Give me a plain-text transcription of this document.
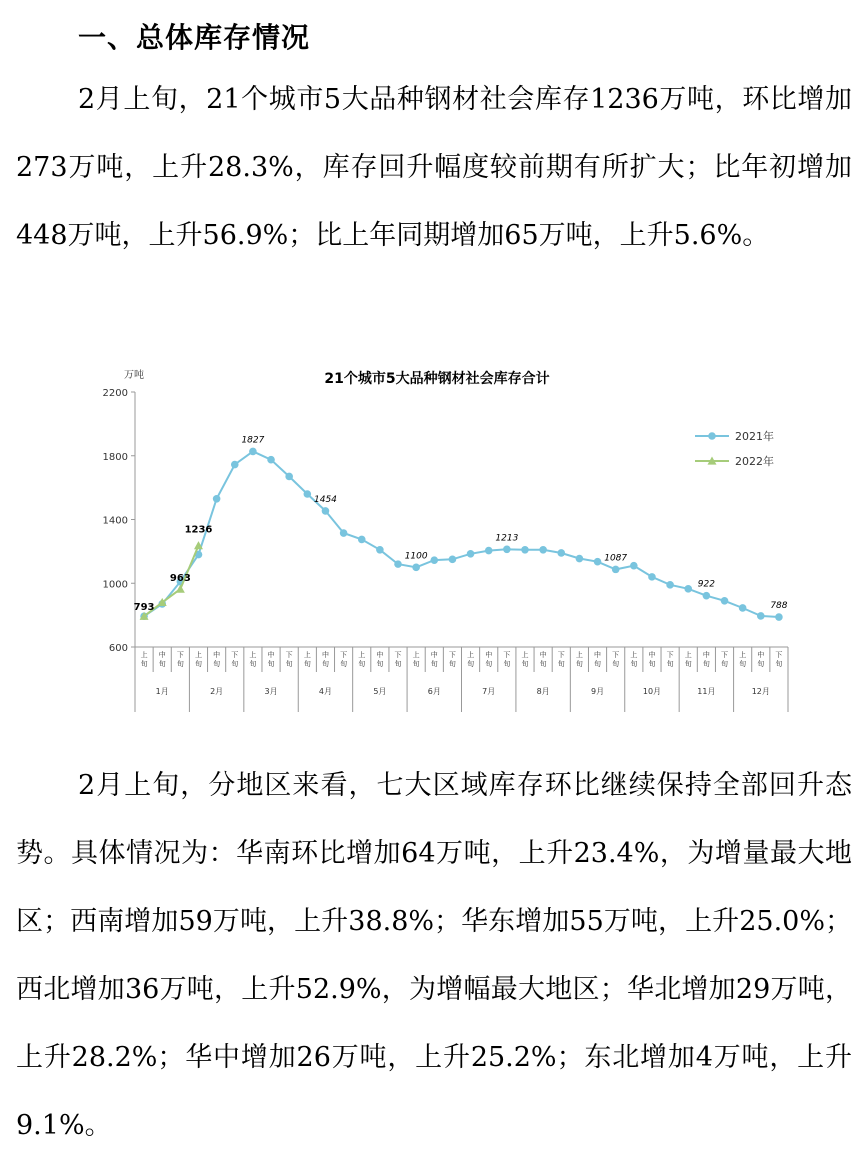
一、总体库存情况

2月上旬，21个城市5大品种钢材社会库存1236万吨，环比增加273万吨，上升28.3%，库存回升幅度较前期有所扩大；比年初增加448万吨，上升56.9%；比上年同期增加65万吨，上升5.6%。

21个城市5大品种钢材社会库存合计
万吨
600
1000
1400
1800
2200
上旬
中旬
下旬
上旬
中旬
下旬
上旬
中旬
下旬
上旬
中旬
下旬
上旬
中旬
下旬
上旬
中旬
下旬
上旬
中旬
下旬
上旬
中旬
下旬
上旬
中旬
下旬
上旬
中旬
下旬
上旬
中旬
下旬
上旬
中旬
下旬
1月	2月	3月	4月	5月	6月	7月	8月	9月	10月	11月	12月
793
963
1236
1827
1454
1100
1213
1087
922
788
2021年
2022年

2月上旬，分地区来看，七大区域库存环比继续保持全部回升态势。具体情况为：华南环比增加64万吨，上升23.4%，为增量最大地区；西南增加59万吨，上升38.8%；华东增加55万吨，上升25.0%；西北增加36万吨，上升52.9%，为增幅最大地区；华北增加29万吨，上升28.2%；华中增加26万吨，上升25.2%；东北增加4万吨，上升9.1%。
